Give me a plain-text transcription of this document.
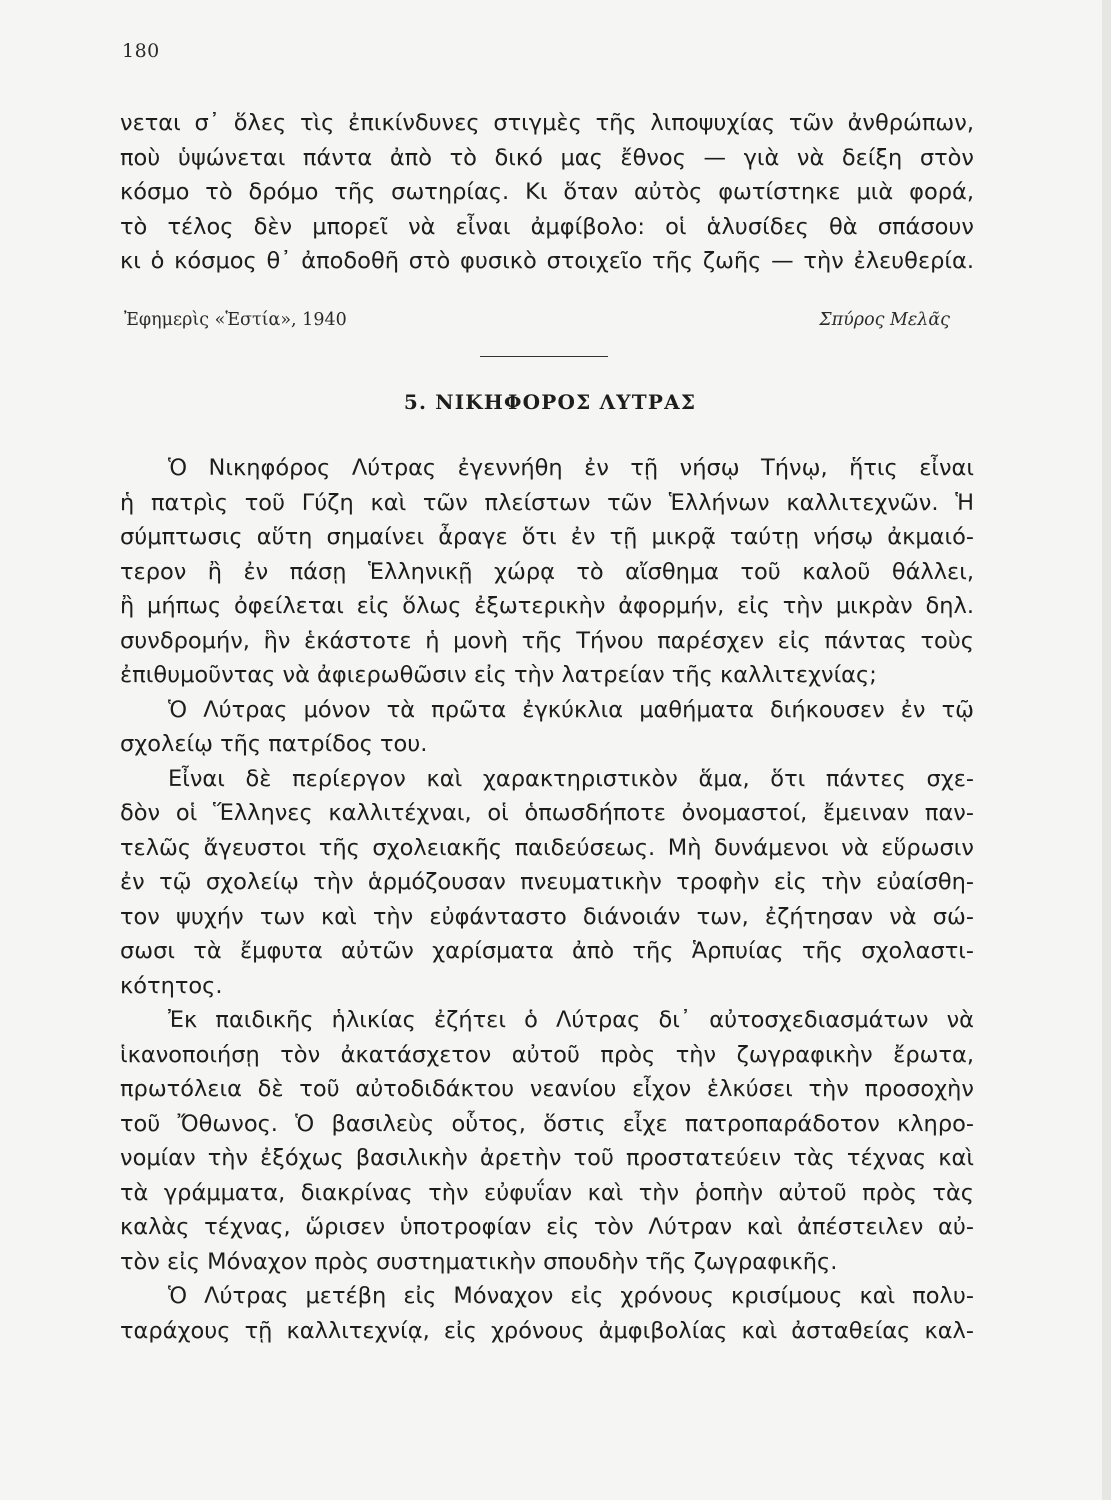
180
νεται σ᾿ ὅλες τὶς ἐπικίνδυνες στιγμὲς τῆς λιποψυχίας τῶν ἀνθρώπων,
ποὺ ὑψώνεται πάντα ἀπὸ τὸ δικό μας ἔθνος — γιὰ νὰ δείξη στὸν
κόσμο τὸ δρόμο τῆς σωτηρίας. Κι ὅταν αὐτὸς φωτίστηκε μιὰ φορά,
τὸ τέλος δὲν μπορεῖ νὰ εἶναι ἀμφίβολο: οἱ ἁλυσίδες θὰ σπάσουν
κι ὁ κόσμος θ᾿ ἀποδοθῆ στὸ φυσικὸ στοιχεῖο τῆς ζωῆς — τὴν ἐλευθερία.
Ἐφημερὶς «Ἑστία», 1940	Σπύρος Μελᾶς
5. ΝΙΚΗΦΟΡΟΣ ΛΥΤΡΑΣ
Ὁ Νικηφόρος Λύτρας ἐγεννήθη ἐν τῇ νήσῳ Τήνῳ, ἥτις εἶναι
ἡ πατρὶς τοῦ Γύζη καὶ τῶν πλείστων τῶν Ἑλλήνων καλλιτεχνῶν. Ἡ
σύμπτωσις αὕτη σημαίνει ἆραγε ὅτι ἐν τῇ μικρᾷ ταύτῃ νήσῳ ἀκμαιό-
τερον ἢ ἐν πάσῃ Ἑλληνικῇ χώρᾳ τὸ αἴσθημα τοῦ καλοῦ θάλλει,
ἢ μήπως ὀφείλεται εἰς ὅλως ἐξωτερικὴν ἀφορμήν, εἰς τὴν μικρὰν δηλ.
συνδρομήν, ἣν ἑκάστοτε ἡ μονὴ τῆς Τήνου παρέσχεν εἰς πάντας τοὺς
ἐπιθυμοῦντας νὰ ἀφιερωθῶσιν εἰς τὴν λατρείαν τῆς καλλιτεχνίας;
Ὁ Λύτρας μόνον τὰ πρῶτα ἐγκύκλια μαθήματα διήκουσεν ἐν τῷ
σχολείῳ τῆς πατρίδος του.
Εἶναι δὲ περίεργον καὶ χαρακτηριστικὸν ἅμα, ὅτι πάντες σχε-
δὸν οἱ Ἕλληνες καλλιτέχναι, οἱ ὁπωσδήποτε ὀνομαστοί, ἔμειναν παν-
τελῶς ἄγευστοι τῆς σχολειακῆς παιδεύσεως. Μὴ δυνάμενοι νὰ εὕρωσιν
ἐν τῷ σχολείῳ τὴν ἁρμόζουσαν πνευματικὴν τροφὴν εἰς τὴν εὐαίσθη-
τον ψυχήν των καὶ τὴν εὐφάνταστο διάνοιάν των, ἐζήτησαν νὰ σώ-
σωσι τὰ ἔμφυτα αὐτῶν χαρίσματα ἀπὸ τῆς Ἁρπυίας τῆς σχολαστι-
κότητος.
Ἐκ παιδικῆς ἡλικίας ἐζήτει ὁ Λύτρας δι᾿ αὐτοσχεδιασμάτων νὰ
ἱκανοποιήσῃ τὸν ἀκατάσχετον αὐτοῦ πρὸς τὴν ζωγραφικὴν ἔρωτα,
πρωτόλεια δὲ τοῦ αὐτοδιδάκτου νεανίου εἶχον ἑλκύσει τὴν προσοχὴν
τοῦ Ὄθωνος. Ὁ βασιλεὺς οὗτος, ὅστις εἶχε πατροπαράδοτον κληρο-
νομίαν τὴν ἐξόχως βασιλικὴν ἀρετὴν τοῦ προστατεύειν τὰς τέχνας καὶ
τὰ γράμματα, διακρίνας τὴν εὐφυΐαν καὶ τὴν ῥοπὴν αὐτοῦ πρὸς τὰς
καλὰς τέχνας, ὥρισεν ὑποτροφίαν εἰς τὸν Λύτραν καὶ ἀπέστειλεν αὐ-
τὸν εἰς Μόναχον πρὸς συστηματικὴν σπουδὴν τῆς ζωγραφικῆς.
Ὁ Λύτρας μετέβη εἰς Μόναχον εἰς χρόνους κρισίμους καὶ πολυ-
ταράχους τῇ καλλιτεχνίᾳ, εἰς χρόνους ἀμφιβολίας καὶ ἀσταθείας καλ-
